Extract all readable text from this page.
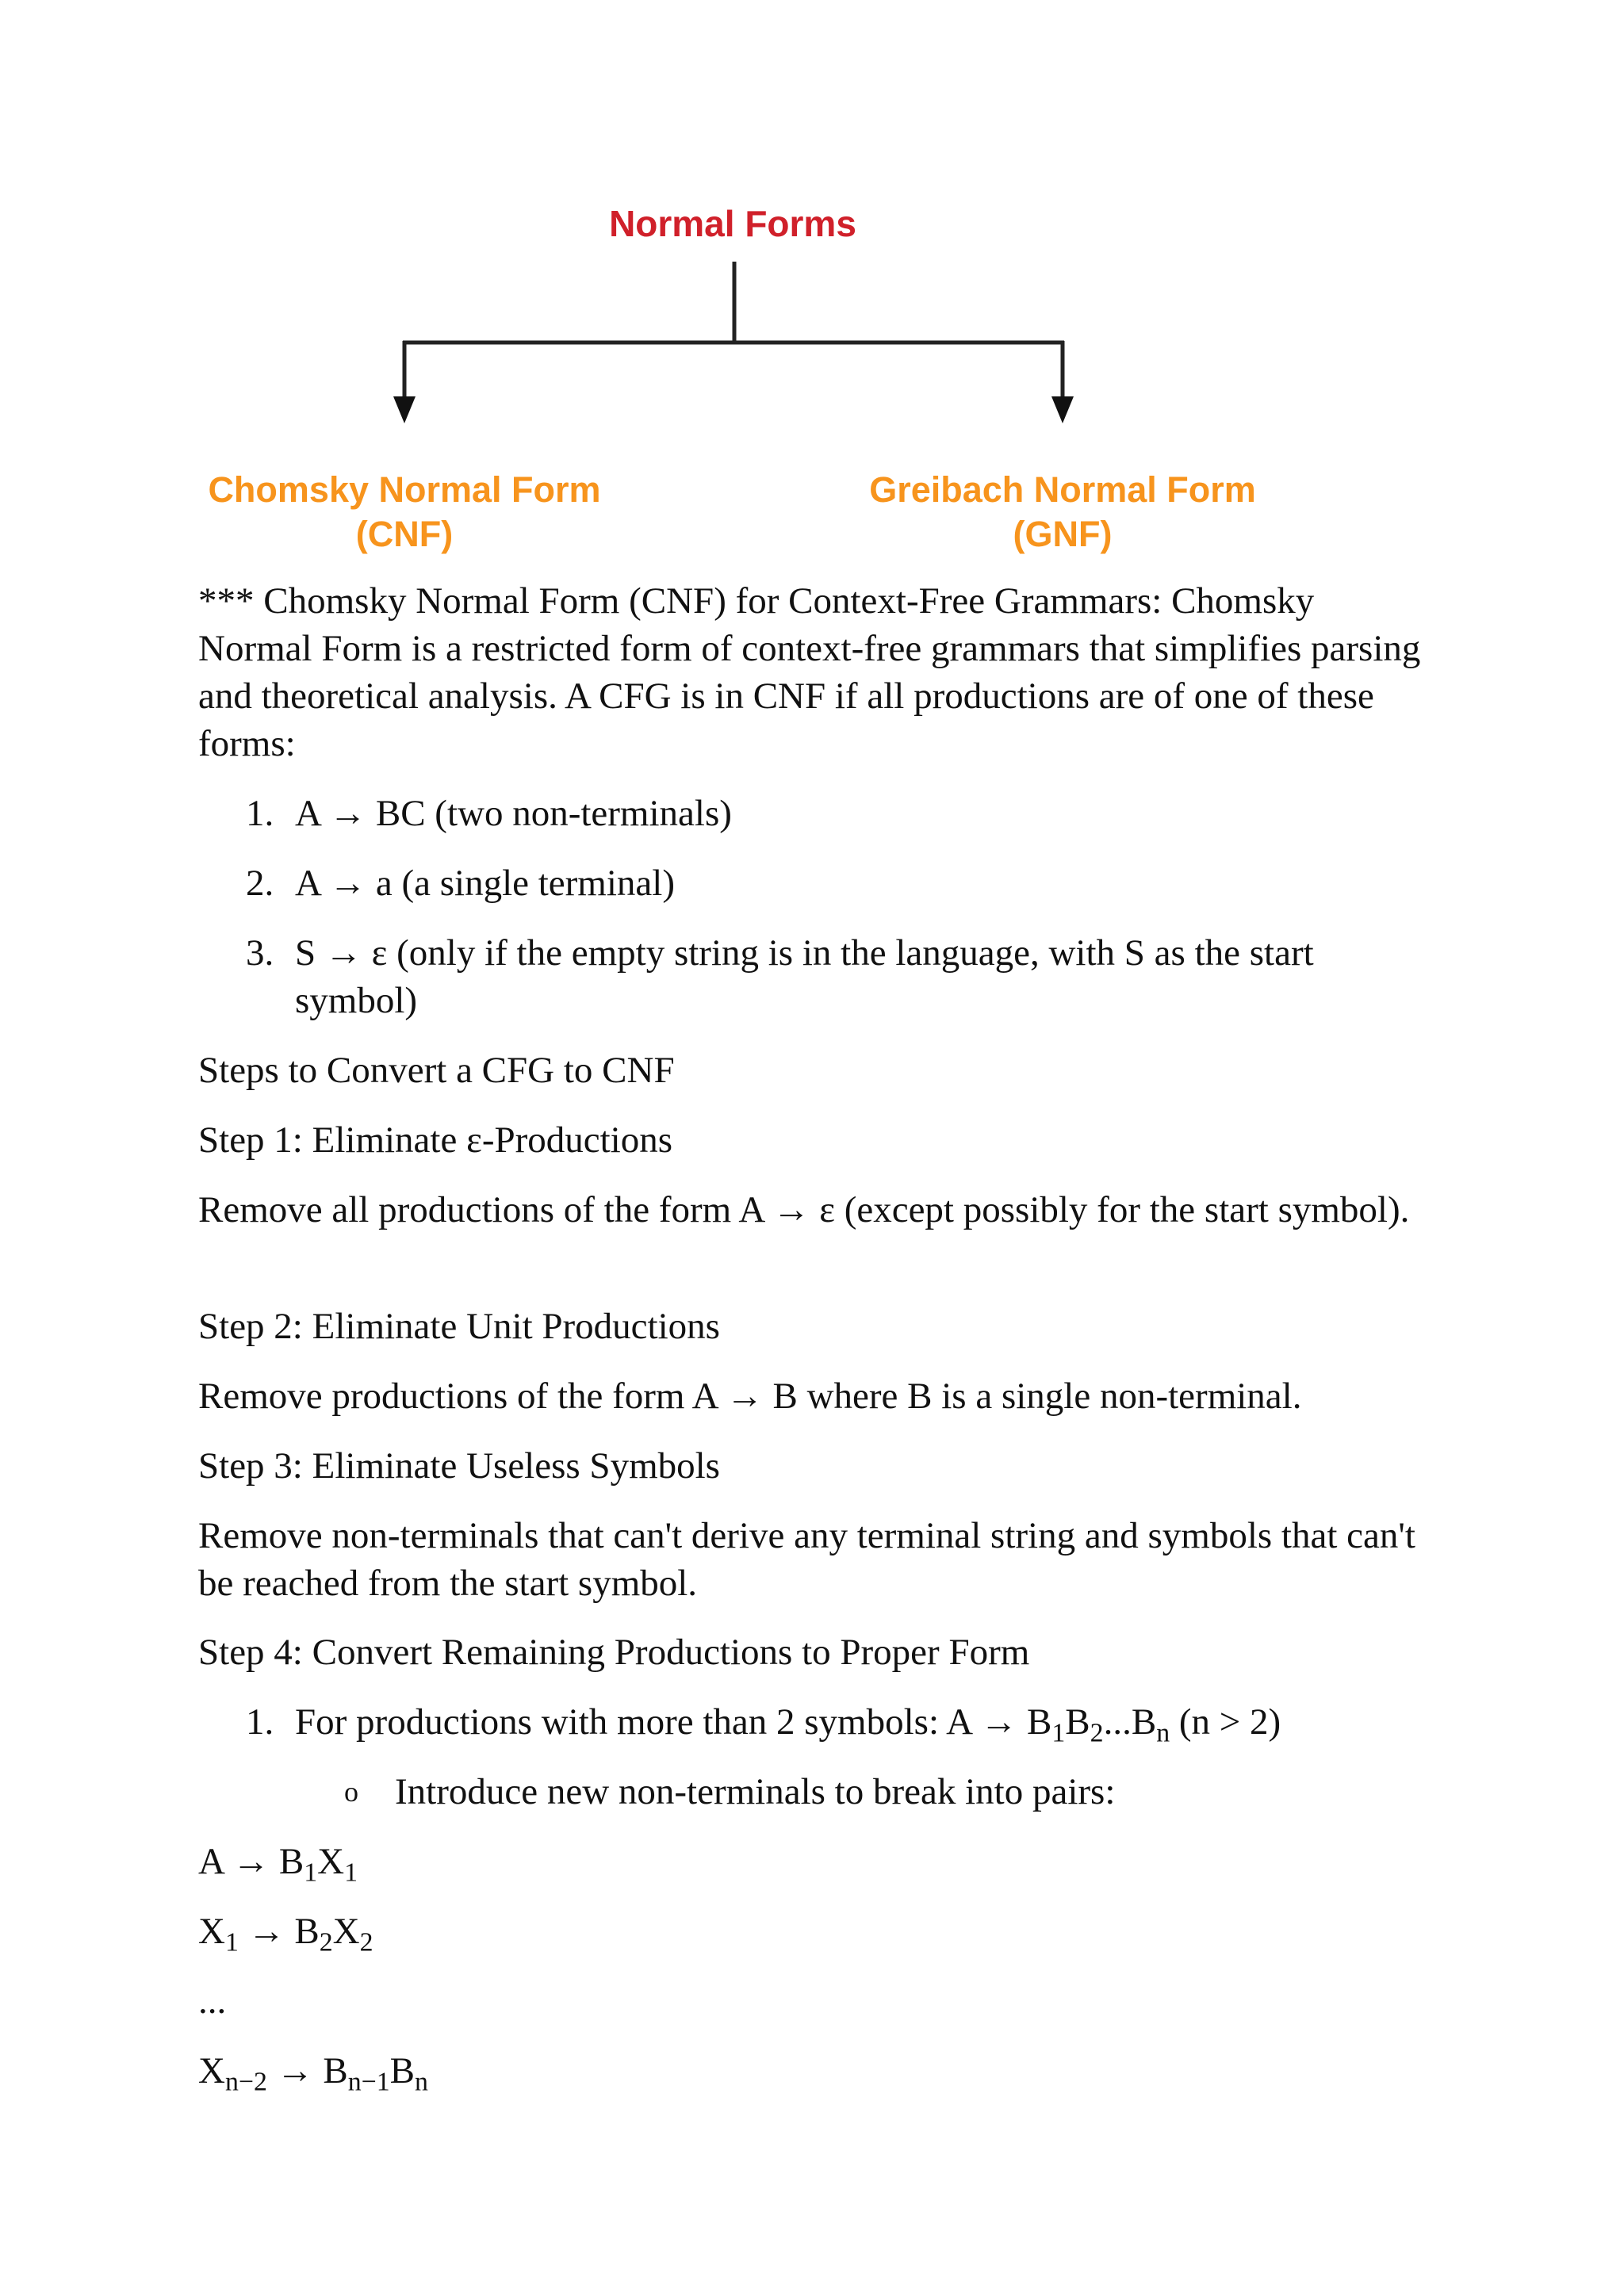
Normal Forms
Chomsky Normal Form
(CNF)
Greibach Normal Form
(GNF)
*** Chomsky Normal Form (CNF) for Context-Free Grammars: Chomsky Normal Form is a restricted form of context-free grammars that simplifies parsing and theoretical analysis. A CFG is in CNF if all productions are of one of these forms:
1. A → BC (two non-terminals)
2. A → a (a single terminal)
3. S → ε (only if the empty string is in the language, with S as the start symbol)
Steps to Convert a CFG to CNF
Step 1: Eliminate ε-Productions
Remove all productions of the form A → ε (except possibly for the start symbol).
Step 2: Eliminate Unit Productions
Remove productions of the form A → B where B is a single non-terminal.
Step 3: Eliminate Useless Symbols
Remove non-terminals that can't derive any terminal string and symbols that can't be reached from the start symbol.
Step 4: Convert Remaining Productions to Proper Form
1. For productions with more than 2 symbols: $A \to B_1B_2...B_n$ (n > 2)
o Introduce new non-terminals to break into pairs:
$A \to B_1X_1$
$X_1 \to B_2X_2$
...
$X_{n-2} \to B_{n-1}B_n$
